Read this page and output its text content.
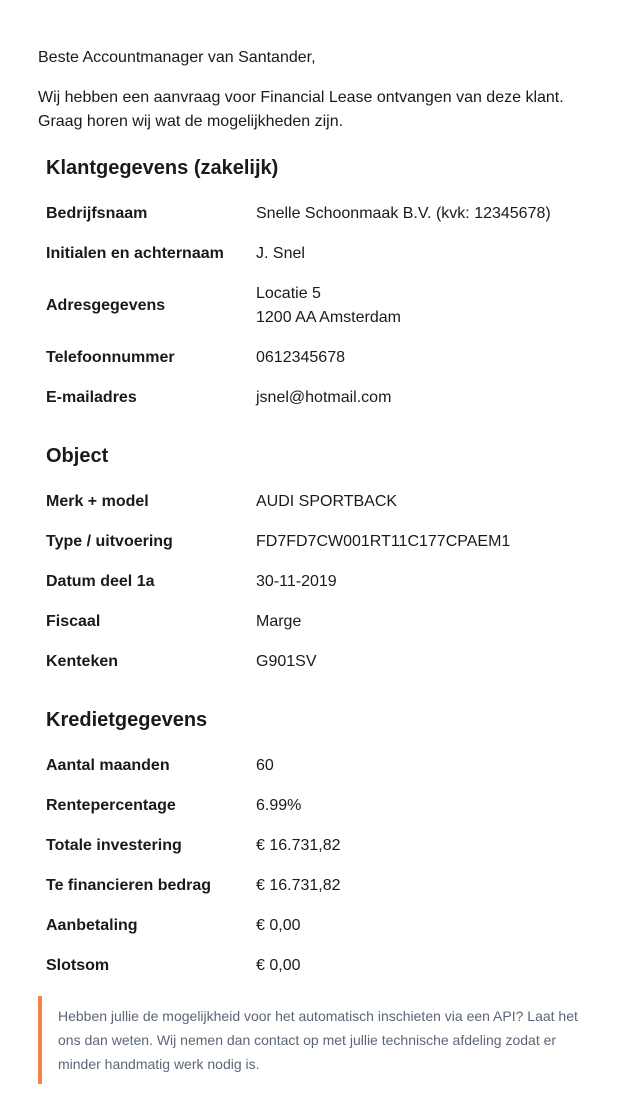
Beste Accountmanager van Santander,

Wij hebben een aanvraag voor Financial Lease ontvangen van deze klant.

Graag horen wij wat de mogelijkheden zijn.

Klantgegevens (zakelijk)
Bedrijfsnaam	Snelle Schoonmaak B.V. (kvk: 12345678)
Initialen en achternaam	J. Snel
Adresgegevens
Locatie 5
1200 AA Amsterdam
Telefoonnummer	0612345678
E-mailadres	jsnel@hotmail.com
Object
Merk + model	AUDI SPORTBACK
Type / uitvoering	FD7FD7CW001RT11C177CPAEM1
Datum deel 1a	30-11-2019
Fiscaal	Marge
Kenteken	G901SV
Kredietgegevens
Aantal maanden	60
Rentepercentage	6.99%
Totale investering	€ 16.731,82
Te financieren bedrag	€ 16.731,82
Aanbetaling	€ 0,00
Slotsom	€ 0,00
Hebben jullie de mogelijkheid voor het automatisch inschieten via een API? Laat het ons dan weten. Wij nemen dan contact op met jullie technische afdeling zodat er minder handmatig werk nodig is.
